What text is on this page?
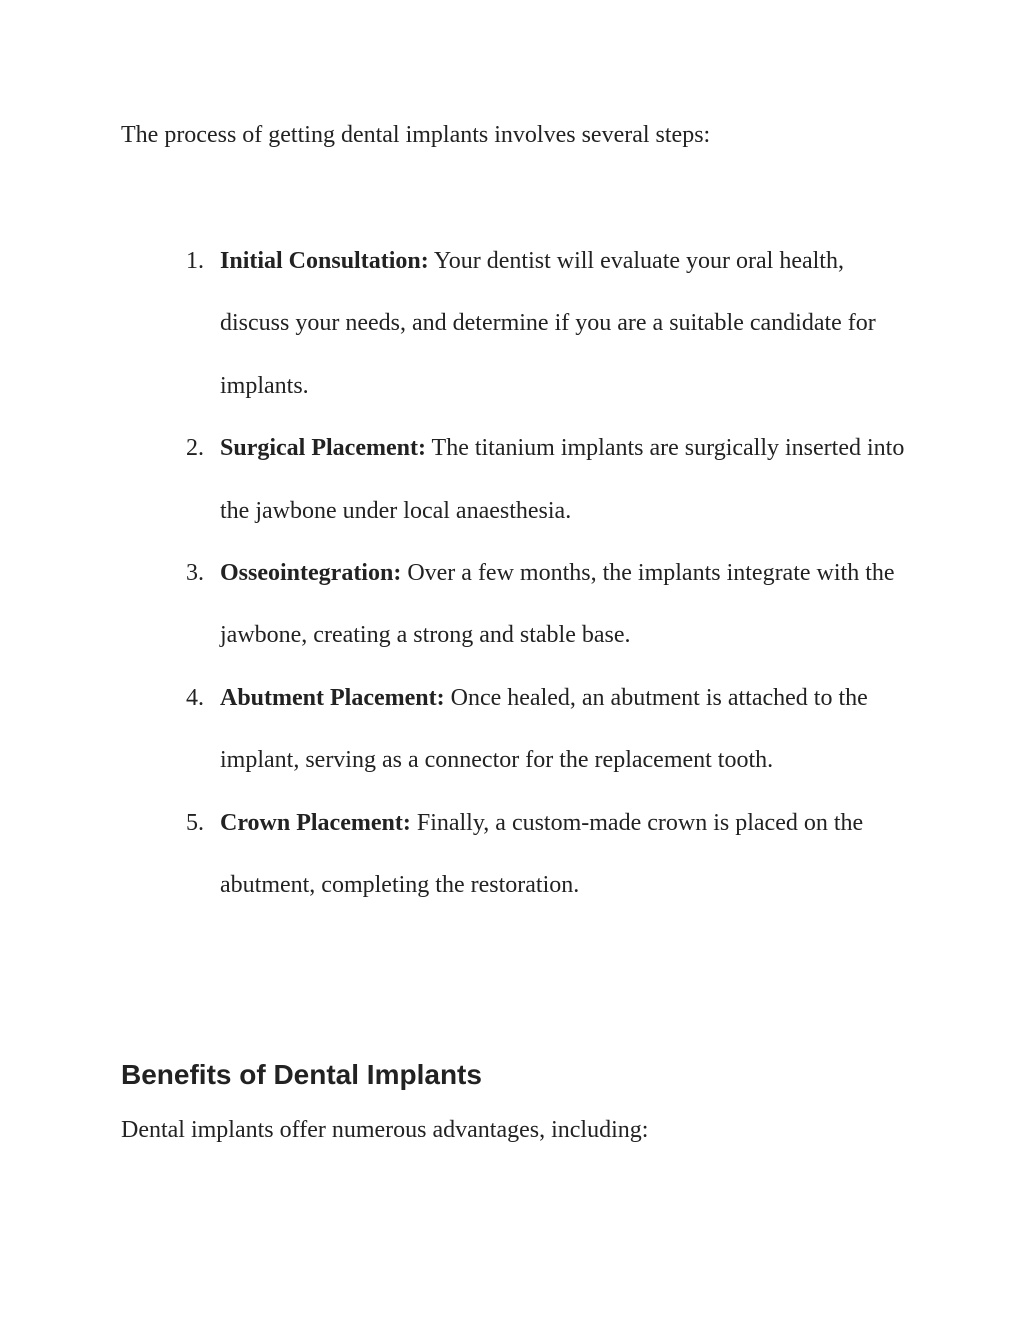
The process of getting dental implants involves several steps:

1. Initial Consultation: Your dentist will evaluate your oral health, discuss your needs, and determine if you are a suitable candidate for implants.
2. Surgical Placement: The titanium implants are surgically inserted into the jawbone under local anaesthesia.
3. Osseointegration: Over a few months, the implants integrate with the jawbone, creating a strong and stable base.
4. Abutment Placement: Once healed, an abutment is attached to the implant, serving as a connector for the replacement tooth.
5. Crown Placement: Finally, a custom-made crown is placed on the abutment, completing the restoration.
Benefits of Dental Implants

Dental implants offer numerous advantages, including:
